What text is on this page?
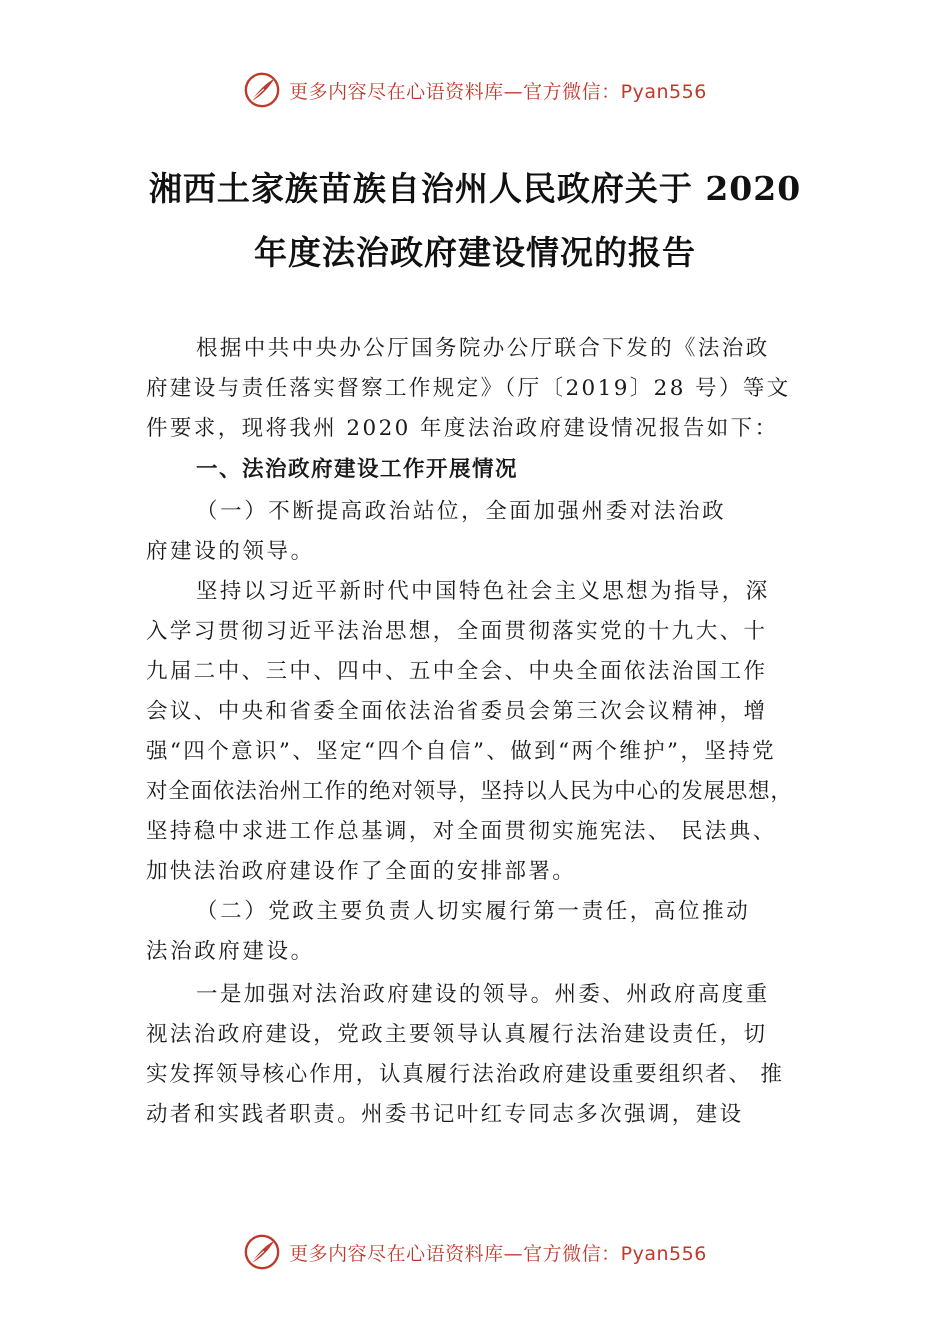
更多内容尽在心语资料库—官方微信：Pyan556
湘西土家族苗族自治州人民政府关于 2020
年度法治政府建设情况的报告
根据中共中央办公厅国务院办公厅联合下发的《法治政
府建设与责任落实督察工作规定》（厅〔2019〕28 号）等文
件要求，现将我州 2020 年度法治政府建设情况报告如下：
一、法治政府建设工作开展情况
（一）不断提高政治站位，全面加强州委对法治政
府建设的领导。
坚持以习近平新时代中国特色社会主义思想为指导，深
入学习贯彻习近平法治思想，全面贯彻落实党的十九大、十
九届二中、三中、四中、五中全会、中央全面依法治国工作
会议、中央和省委全面依法治省委员会第三次会议精神，增
强“四个意识”、坚定“四个自信”、做到“两个维护”，坚持党
对全面依法治州工作的绝对领导，坚持以人民为中心的发展思想，
坚持稳中求进工作总基调，对全面贯彻实施宪法、 民法典、
加快法治政府建设作了全面的安排部署。
（二）党政主要负责人切实履行第一责任，高位推动
法治政府建设。
一是加强对法治政府建设的领导。州委、州政府高度重
视法治政府建设，党政主要领导认真履行法治建设责任，切
实发挥领导核心作用，认真履行法治政府建设重要组织者、 推
动者和实践者职责。州委书记叶红专同志多次强调，建设
更多内容尽在心语资料库—官方微信：Pyan556
